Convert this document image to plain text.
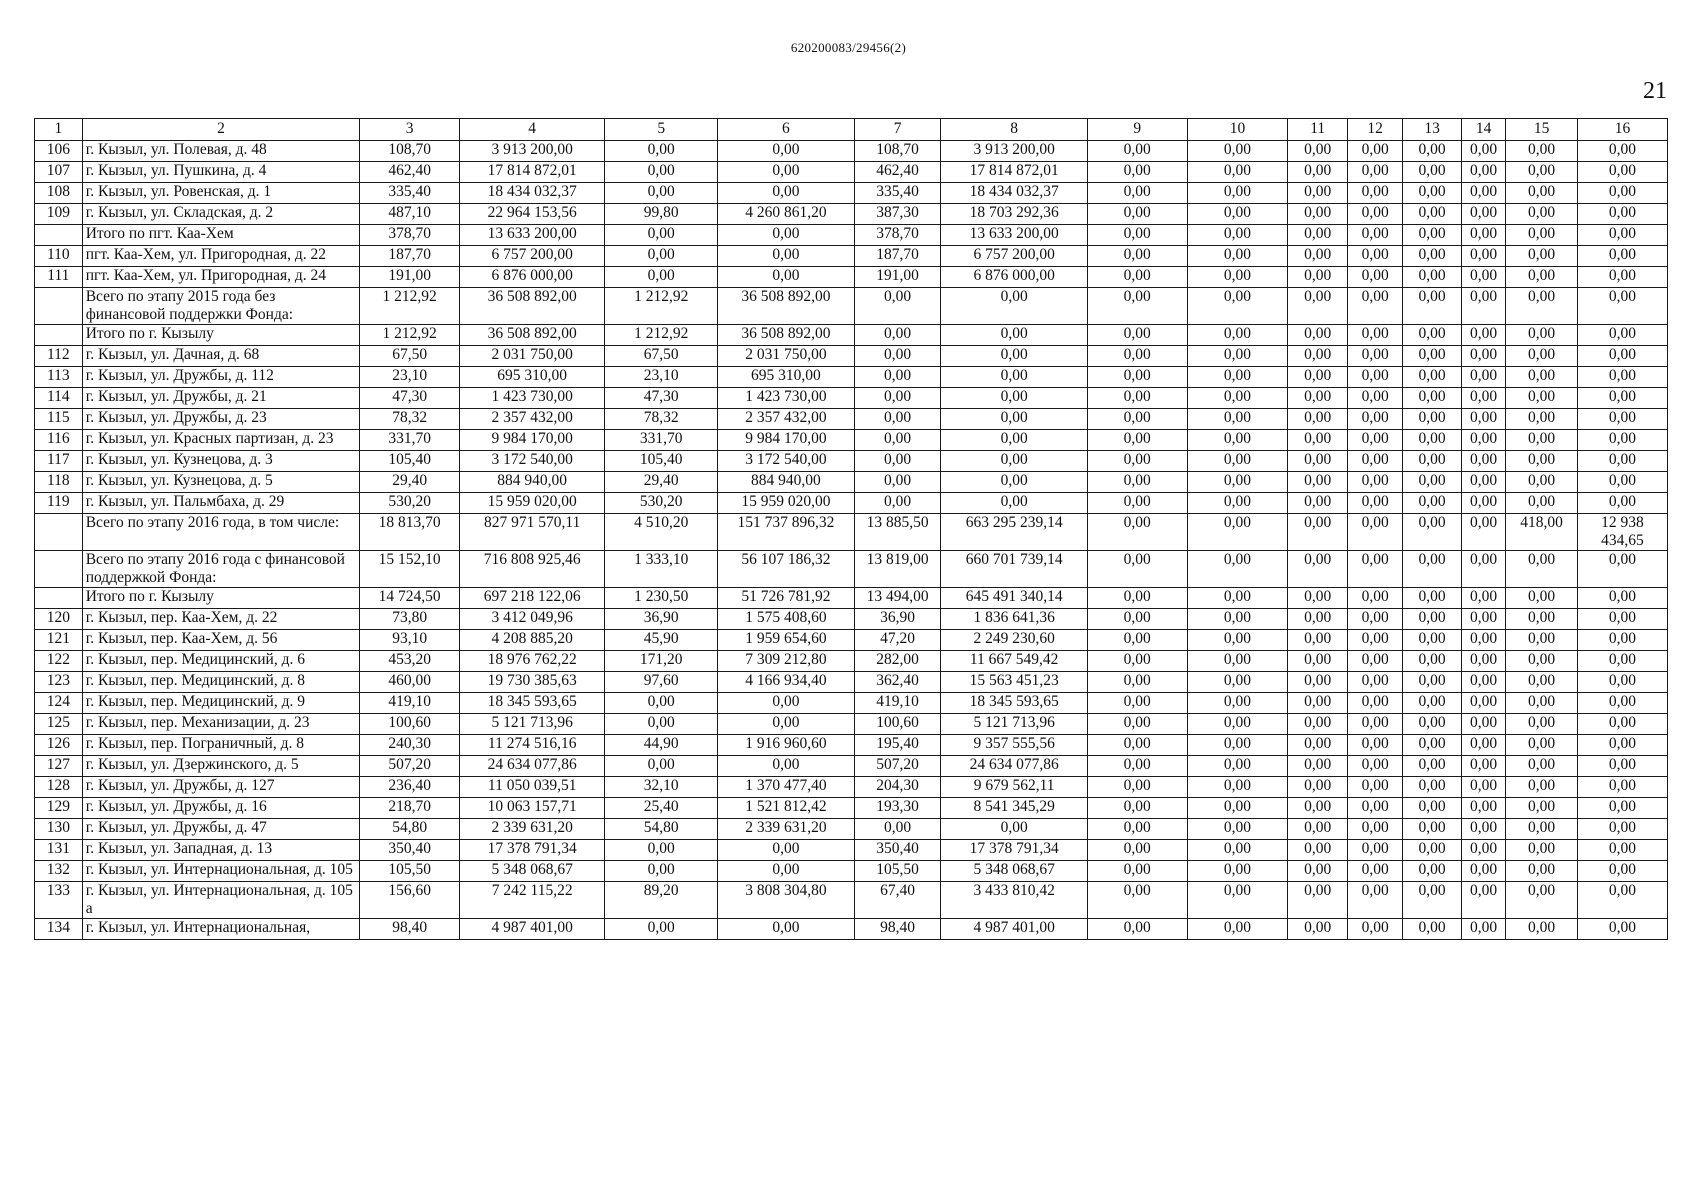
620200083/29456(2)
21
1	2	3	4	5	6	7	8	9	10	11	12	13	14	15	16
106	г. Кызыл, ул. Полевая, д. 48	108,70	3 913 200,00	0,00	0,00	108,70	3 913 200,00	0,00	0,00	0,00	0,00	0,00	0,00	0,00	0,00
107	г. Кызыл, ул. Пушкина, д. 4	462,40	17 814 872,01	0,00	0,00	462,40	17 814 872,01	0,00	0,00	0,00	0,00	0,00	0,00	0,00	0,00
108	г. Кызыл, ул. Ровенская, д. 1	335,40	18 434 032,37	0,00	0,00	335,40	18 434 032,37	0,00	0,00	0,00	0,00	0,00	0,00	0,00	0,00
109	г. Кызыл, ул. Складская, д. 2	487,10	22 964 153,56	99,80	4 260 861,20	387,30	18 703 292,36	0,00	0,00	0,00	0,00	0,00	0,00	0,00	0,00
	Итого по пгт. Каа-Хем	378,70	13 633 200,00	0,00	0,00	378,70	13 633 200,00	0,00	0,00	0,00	0,00	0,00	0,00	0,00	0,00
110	пгт. Каа-Хем, ул. Пригородная, д. 22	187,70	6 757 200,00	0,00	0,00	187,70	6 757 200,00	0,00	0,00	0,00	0,00	0,00	0,00	0,00	0,00
111	пгт. Каа-Хем, ул. Пригородная, д. 24	191,00	6 876 000,00	0,00	0,00	191,00	6 876 000,00	0,00	0,00	0,00	0,00	0,00	0,00	0,00	0,00
	Всего по этапу 2015 года без финансовой поддержки Фонда:	1 212,92	36 508 892,00	1 212,92	36 508 892,00	0,00	0,00	0,00	0,00	0,00	0,00	0,00	0,00	0,00	0,00
	Итого по г. Кызылу	1 212,92	36 508 892,00	1 212,92	36 508 892,00	0,00	0,00	0,00	0,00	0,00	0,00	0,00	0,00	0,00	0,00
112	г. Кызыл, ул. Дачная, д. 68	67,50	2 031 750,00	67,50	2 031 750,00	0,00	0,00	0,00	0,00	0,00	0,00	0,00	0,00	0,00	0,00
113	г. Кызыл, ул. Дружбы, д. 112	23,10	695 310,00	23,10	695 310,00	0,00	0,00	0,00	0,00	0,00	0,00	0,00	0,00	0,00	0,00
114	г. Кызыл, ул. Дружбы, д. 21	47,30	1 423 730,00	47,30	1 423 730,00	0,00	0,00	0,00	0,00	0,00	0,00	0,00	0,00	0,00	0,00
115	г. Кызыл, ул. Дружбы, д. 23	78,32	2 357 432,00	78,32	2 357 432,00	0,00	0,00	0,00	0,00	0,00	0,00	0,00	0,00	0,00	0,00
116	г. Кызыл, ул. Красных партизан, д. 23	331,70	9 984 170,00	331,70	9 984 170,00	0,00	0,00	0,00	0,00	0,00	0,00	0,00	0,00	0,00	0,00
117	г. Кызыл, ул. Кузнецова, д. 3	105,40	3 172 540,00	105,40	3 172 540,00	0,00	0,00	0,00	0,00	0,00	0,00	0,00	0,00	0,00	0,00
118	г. Кызыл, ул. Кузнецова, д. 5	29,40	884 940,00	29,40	884 940,00	0,00	0,00	0,00	0,00	0,00	0,00	0,00	0,00	0,00	0,00
119	г. Кызыл, ул. Пальмбаха, д. 29	530,20	15 959 020,00	530,20	15 959 020,00	0,00	0,00	0,00	0,00	0,00	0,00	0,00	0,00	0,00	0,00
	Всего по этапу 2016 года, в том числе:	18 813,70	827 971 570,11	4 510,20	151 737 896,32	13 885,50	663 295 239,14	0,00	0,00	0,00	0,00	0,00	0,00	418,00	12 938 434,65
	Всего по этапу 2016 года с финансовой поддержкой Фонда:	15 152,10	716 808 925,46	1 333,10	56 107 186,32	13 819,00	660 701 739,14	0,00	0,00	0,00	0,00	0,00	0,00	0,00	0,00
	Итого по г. Кызылу	14 724,50	697 218 122,06	1 230,50	51 726 781,92	13 494,00	645 491 340,14	0,00	0,00	0,00	0,00	0,00	0,00	0,00	0,00
120	г. Кызыл, пер. Каа-Хем, д. 22	73,80	3 412 049,96	36,90	1 575 408,60	36,90	1 836 641,36	0,00	0,00	0,00	0,00	0,00	0,00	0,00	0,00
121	г. Кызыл, пер. Каа-Хем, д. 56	93,10	4 208 885,20	45,90	1 959 654,60	47,20	2 249 230,60	0,00	0,00	0,00	0,00	0,00	0,00	0,00	0,00
122	г. Кызыл, пер. Медицинский, д. 6	453,20	18 976 762,22	171,20	7 309 212,80	282,00	11 667 549,42	0,00	0,00	0,00	0,00	0,00	0,00	0,00	0,00
123	г. Кызыл, пер. Медицинский, д. 8	460,00	19 730 385,63	97,60	4 166 934,40	362,40	15 563 451,23	0,00	0,00	0,00	0,00	0,00	0,00	0,00	0,00
124	г. Кызыл, пер. Медицинский, д. 9	419,10	18 345 593,65	0,00	0,00	419,10	18 345 593,65	0,00	0,00	0,00	0,00	0,00	0,00	0,00	0,00
125	г. Кызыл, пер. Механизации, д. 23	100,60	5 121 713,96	0,00	0,00	100,60	5 121 713,96	0,00	0,00	0,00	0,00	0,00	0,00	0,00	0,00
126	г. Кызыл, пер. Пограничный, д. 8	240,30	11 274 516,16	44,90	1 916 960,60	195,40	9 357 555,56	0,00	0,00	0,00	0,00	0,00	0,00	0,00	0,00
127	г. Кызыл, ул. Дзержинского, д. 5	507,20	24 634 077,86	0,00	0,00	507,20	24 634 077,86	0,00	0,00	0,00	0,00	0,00	0,00	0,00	0,00
128	г. Кызыл, ул. Дружбы, д. 127	236,40	11 050 039,51	32,10	1 370 477,40	204,30	9 679 562,11	0,00	0,00	0,00	0,00	0,00	0,00	0,00	0,00
129	г. Кызыл, ул. Дружбы, д. 16	218,70	10 063 157,71	25,40	1 521 812,42	193,30	8 541 345,29	0,00	0,00	0,00	0,00	0,00	0,00	0,00	0,00
130	г. Кызыл, ул. Дружбы, д. 47	54,80	2 339 631,20	54,80	2 339 631,20	0,00	0,00	0,00	0,00	0,00	0,00	0,00	0,00	0,00	0,00
131	г. Кызыл, ул. Западная, д. 13	350,40	17 378 791,34	0,00	0,00	350,40	17 378 791,34	0,00	0,00	0,00	0,00	0,00	0,00	0,00	0,00
132	г. Кызыл, ул. Интернациональная, д. 105	105,50	5 348 068,67	0,00	0,00	105,50	5 348 068,67	0,00	0,00	0,00	0,00	0,00	0,00	0,00	0,00
133	г. Кызыл, ул. Интернациональная, д. 105 а	156,60	7 242 115,22	89,20	3 808 304,80	67,40	3 433 810,42	0,00	0,00	0,00	0,00	0,00	0,00	0,00	0,00
134	г. Кызыл, ул. Интернациональная,	98,40	4 987 401,00	0,00	0,00	98,40	4 987 401,00	0,00	0,00	0,00	0,00	0,00	0,00	0,00	0,00
